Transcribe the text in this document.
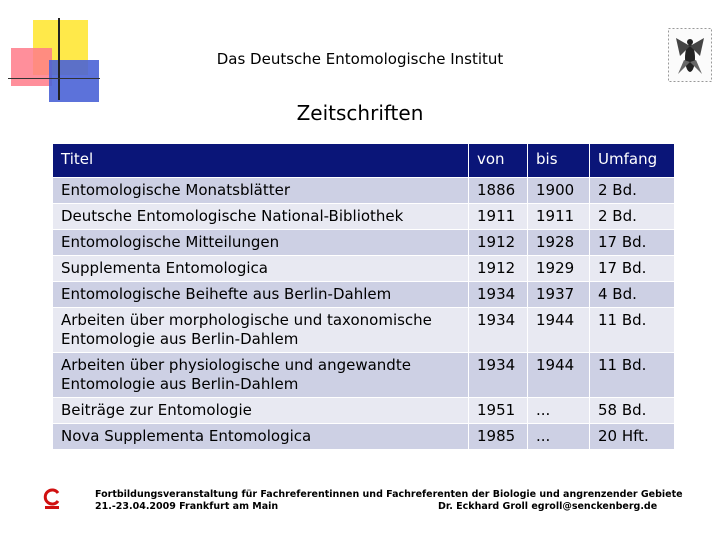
Das Deutsche Entomologische Institut
Zeitschriften
Titel	von	bis	Umfang
Entomologische Monatsblätter	1886	1900	2 Bd.
Deutsche Entomologische National-Bibliothek	1911	1911	2 Bd.
Entomologische Mitteilungen	1912	1928	17 Bd.
Supplementa Entomologica	1912	1929	17 Bd.
Entomologische Beihefte aus Berlin-Dahlem	1934	1937	4 Bd.
Arbeiten über morphologische und taxonomische Entomologie aus Berlin-Dahlem	1934	1944	11 Bd.
Arbeiten über physiologische und angewandte Entomologie aus Berlin-Dahlem	1934	1944	11 Bd.
Beiträge zur Entomologie	1951	...	58 Bd.
Nova Supplementa Entomologica	1985	...	20 Hft.
Fortbildungsveranstaltung für Fachreferentinnen und Fachreferenten der Biologie und angrenzender Gebiete
21.-23.04.2009 Frankfurt am Main	Dr. Eckhard Groll egroll@senckenberg.de
